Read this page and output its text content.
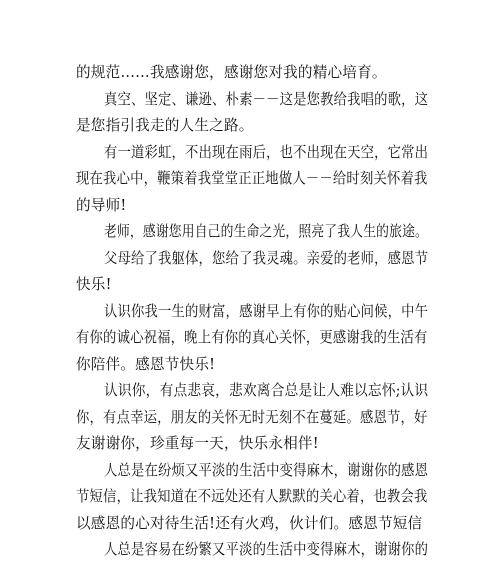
的规范……我感谢您，感谢您对我的精心培育。
真空、坚定、谦逊、朴素－－这是您教给我唱的歌，这
是您指引我走的人生之路。
有一道彩虹，不出现在雨后，也不出现在天空，它常出
现在我心中，鞭策着我堂堂正正地做人－－给时刻关怀着我
的导师!
老师，感谢您用自己的生命之光，照亮了我人生的旅途。
父母给了我躯体，您给了我灵魂。亲爱的老师，感恩节
快乐!
认识你我一生的财富，感谢早上有你的贴心问候，中午
有你的诚心祝福，晚上有你的真心关怀，更感谢我的生活有
你陪伴。感恩节快乐!
认识你，有点悲哀，悲欢离合总是让人难以忘怀;认识
你，有点幸运，朋友的关怀无时无刻不在蔓延。感恩节，好
友谢谢你，珍重每一天，快乐永相伴!
人总是在纷烦又平淡的生活中变得麻木，谢谢你的感恩
节短信，让我知道在不远处还有人默默的关心着，也教会我
以感恩的心对待生活!还有火鸡，伙计们。感恩节短信
人总是容易在纷繁又平淡的生活中变得麻木，谢谢你的
